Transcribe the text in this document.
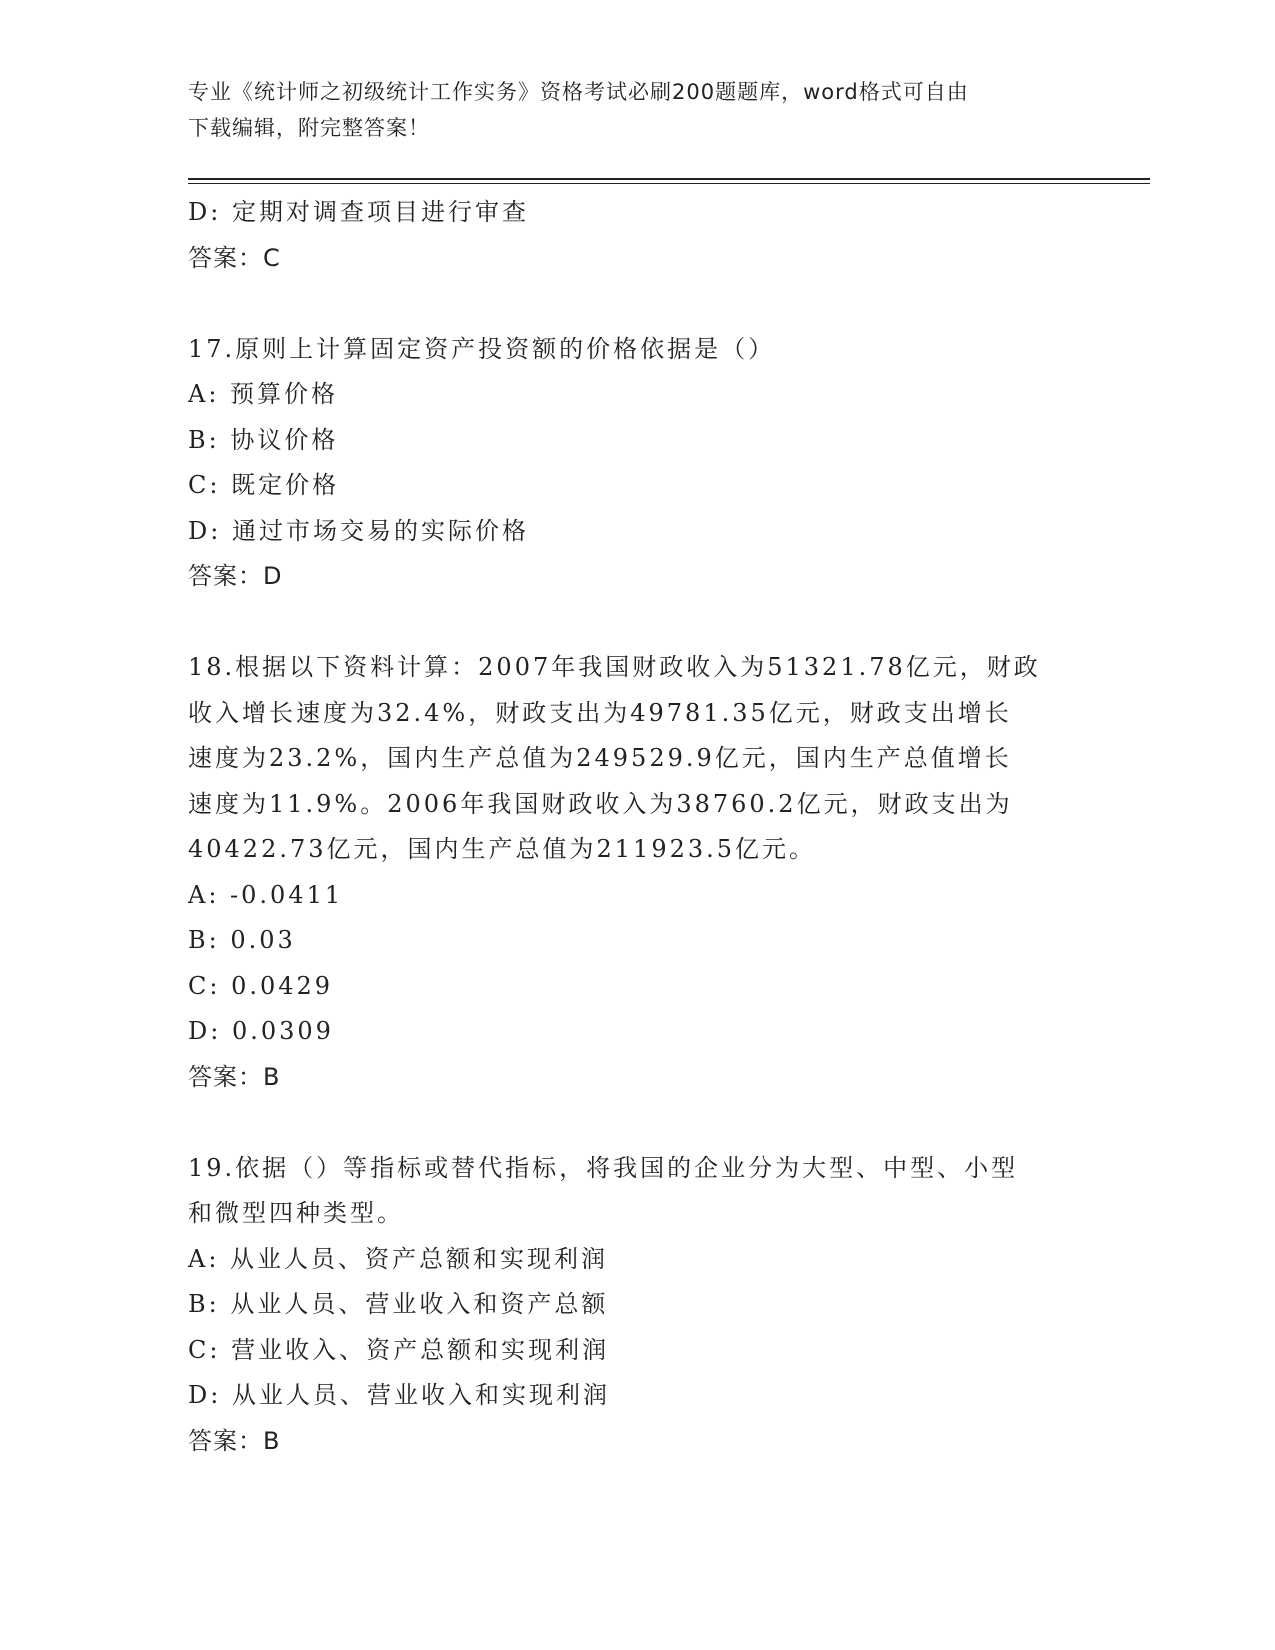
专业《统计师之初级统计工作实务》资格考试必刷200题题库，word格式可自由
下载编辑，附完整答案！
D: 定期对调查项目进行审查
答案：C
17.原则上计算固定资产投资额的价格依据是（）
A: 预算价格
B: 协议价格
C: 既定价格
D: 通过市场交易的实际价格
答案：D
18.根据以下资料计算：2007年我国财政收入为51321.78亿元，财政
收入增长速度为32.4%，财政支出为49781.35亿元，财政支出增长
速度为23.2%，国内生产总值为249529.9亿元，国内生产总值增长
速度为11.9%。2006年我国财政收入为38760.2亿元，财政支出为
40422.73亿元，国内生产总值为211923.5亿元。
A: -0.0411
B: 0.03
C: 0.0429
D: 0.0309
答案：B
19.依据（）等指标或替代指标，将我国的企业分为大型、中型、小型
和微型四种类型。
A: 从业人员、资产总额和实现利润
B: 从业人员、营业收入和资产总额
C: 营业收入、资产总额和实现利润
D: 从业人员、营业收入和实现利润
答案：B
